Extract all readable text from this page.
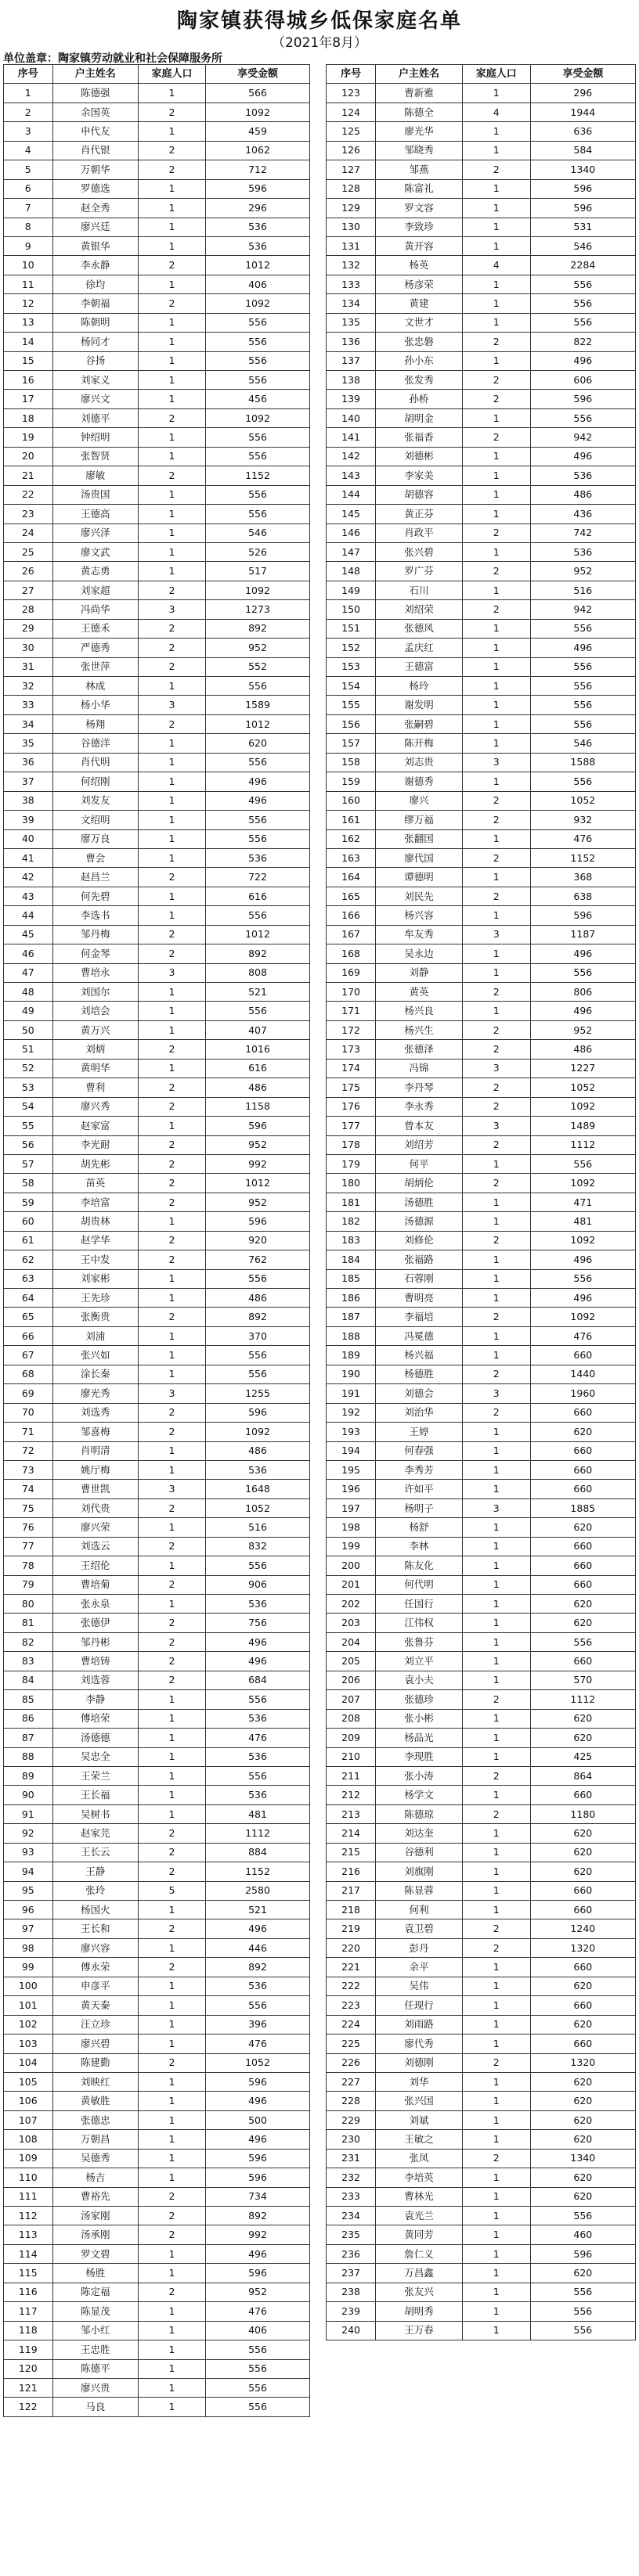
陶家镇获得城乡低保家庭名单
（2021年8月）
单位盖章：陶家镇劳动就业和社会保障服务所
序号	户主姓名	家庭人口	享受金额
1	陈德强	1	566
2	余国英	2	1092
3	申代友	1	459
4	肖代银	2	1062
5	万朝华	2	712
6	罗德选	1	596
7	赵全秀	1	296
8	廖兴廷	1	536
9	黄银华	1	536
10	李永静	2	1012
11	徐均	1	406
12	李朝福	2	1092
13	陈朝明	1	556
14	杨同才	1	556
15	谷扬	1	556
16	刘家义	1	556
17	廖兴文	1	456
18	刘德平	2	1092
19	钟绍明	1	556
20	张智贤	1	556
21	廖敏	2	1152
22	汤贵国	1	556
23	王德高	1	556
24	廖兴泽	1	546
25	廖文武	1	526
26	黄志勇	1	517
27	刘家超	2	1092
28	冯尚华	3	1273
29	王德禾	2	892
30	严德秀	2	952
31	张世萍	2	552
32	林成	1	556
33	杨小华	3	1589
34	杨翔	2	1012
35	谷德洋	1	620
36	肖代明	1	556
37	何绍刚	1	496
38	刘发友	1	496
39	文绍明	1	556
40	廖万良	1	556
41	曹会	1	536
42	赵昌兰	2	722
43	何先碧	1	616
44	李选书	1	556
45	邹丹梅	2	1012
46	何金琴	2	892
47	曹培永	3	808
48	刘国尔	1	521
49	刘培会	1	556
50	黄万兴	1	407
51	刘炳	2	1016
52	黄明华	1	616
53	曹利	2	486
54	廖兴秀	2	1158
55	赵家富	1	596
56	李光耐	2	952
57	胡先彬	2	992
58	苗英	2	1012
59	李培富	2	952
60	胡贵林	1	596
61	赵学华	2	920
62	王中发	2	762
63	刘家彬	1	556
64	王先珍	1	486
65	张衡贵	2	892
66	刘浦	1	370
67	张兴如	1	556
68	涂长秦	1	556
69	廖光秀	3	1255
70	刘选秀	2	596
71	邹喜梅	2	1092
72	肖明清	1	486
73	姚厅梅	1	536
74	曹世凯	3	1648
75	刘代贵	2	1052
76	廖兴荣	1	516
77	刘选云	2	832
78	王绍伦	1	556
79	曹培菊	2	906
80	张永泉	1	536
81	张德伊	2	756
82	邹丹彬	2	496
83	曹培铸	2	496
84	刘选蓉	2	684
85	李静	1	556
86	傅培荣	1	536
87	汤德德	1	476
88	吴忠全	1	536
89	王荣兰	1	556
90	王长福	1	536
91	吴树书	1	481
92	赵家芫	2	1112
93	王长云	2	884
94	王静	2	1152
95	张玲	5	2580
96	杨国火	1	521
97	王长和	2	496
98	廖兴容	1	446
99	傅永荣	2	892
100	申彦平	1	536
101	黄天秦	1	556
102	汪立珍	1	396
103	廖兴碧	1	476
104	陈建勤	2	1052
105	刘映红	1	596
106	黄敏胜	1	496
107	张德忠	1	500
108	万朝昌	1	496
109	吴德秀	1	596
110	杨吉	1	596
111	曹裕先	2	734
112	汤家刚	2	892
113	汤承刚	2	992
114	罗文碧	1	496
115	杨胜	1	596
116	陈定福	2	952
117	陈显茂	1	476
118	邹小红	1	406
119	王忠胜	1	556
120	陈德平	1	556
121	廖兴贵	1	556
122	马良	1	556
序号	户主姓名	家庭人口	享受金额
123	曹新雅	1	296
124	陈德全	4	1944
125	廖光华	1	636
126	邹晓秀	1	584
127	邹燕	2	1340
128	陈富礼	1	596
129	罗文容	1	596
130	李致珍	1	531
131	黄开容	1	546
132	杨英	4	2284
133	杨彦荣	1	556
134	黄建	1	556
135	文世才	1	556
136	张忠磐	2	822
137	孙小东	1	496
138	张发秀	2	606
139	孙桥	2	596
140	胡明金	1	556
141	张福香	2	942
142	刘德彬	1	496
143	李家美	1	536
144	胡德容	1	486
145	黄正芬	1	436
146	肖政平	2	742
147	张兴碧	1	536
148	罗广芬	2	952
149	石川	1	516
150	刘绍荣	2	942
151	张德风	1	556
152	孟庆红	1	496
153	王德富	1	556
154	杨玲	1	556
155	谢发明	1	556
156	张嗣碧	1	556
157	陈开梅	1	546
158	刘志贵	3	1588
159	谢德秀	1	556
160	廖兴	2	1052
161	缪万福	2	932
162	张翻国	1	476
163	廖代国	2	1152
164	谭德明	1	368
165	刘民先	2	638
166	杨兴容	1	596
167	牟友秀	3	1187
168	吴永边	1	496
169	刘静	1	556
170	黄英	2	806
171	杨兴良	1	496
172	杨兴生	2	952
173	张德泽	2	486
174	冯锦	3	1227
175	李丹琴	2	1052
176	李永秀	2	1092
177	曾本友	3	1489
178	刘绍芳	2	1112
179	何平	1	556
180	胡炳伦	2	1092
181	汤德胜	1	471
182	汤德源	1	481
183	刘修伦	2	1092
184	张福路	1	496
185	石蓉刚	1	556
186	曹明亮	1	496
187	李福培	2	1092
188	冯冕德	1	476
189	杨兴福	1	660
190	杨德胜	2	1440
191	刘德会	3	1960
192	刘治华	2	660
193	王婷	1	620
194	何春强	1	660
195	李秀芳	1	660
196	许如平	1	660
197	杨明子	3	1885
198	杨舒	1	620
199	李林	1	660
200	陈友化	1	660
201	何代明	1	660
202	任国行	1	620
203	江伟权	1	620
204	张鲁芬	1	556
205	刘立平	1	660
206	袁小夫	1	570
207	张德珍	2	1112
208	张小彬	1	620
209	杨品光	1	620
210	李现胜	1	425
211	张小涛	2	864
212	杨学文	1	660
213	陈德琼	2	1180
214	刘达奎	1	620
215	谷德利	1	620
216	刘旗刚	1	620
217	陈显蓉	1	660
218	何利	1	660
219	袁卫碧	2	1240
220	彭丹	2	1320
221	余平	1	660
222	吴伟	1	620
223	任现行	1	660
224	刘雨路	1	620
225	廖代秀	1	660
226	刘德刚	2	1320
227	刘华	1	620
228	张兴国	1	620
229	刘斌	1	620
230	王敏之	1	620
231	张凤	2	1340
232	李培英	1	620
233	曹林光	1	620
234	袁光兰	1	556
235	黄同芳	1	460
236	詹仁义	1	596
237	万昌鑫	1	620
238	张友兴	1	556
239	胡明秀	1	556
240	王万春	1	556
